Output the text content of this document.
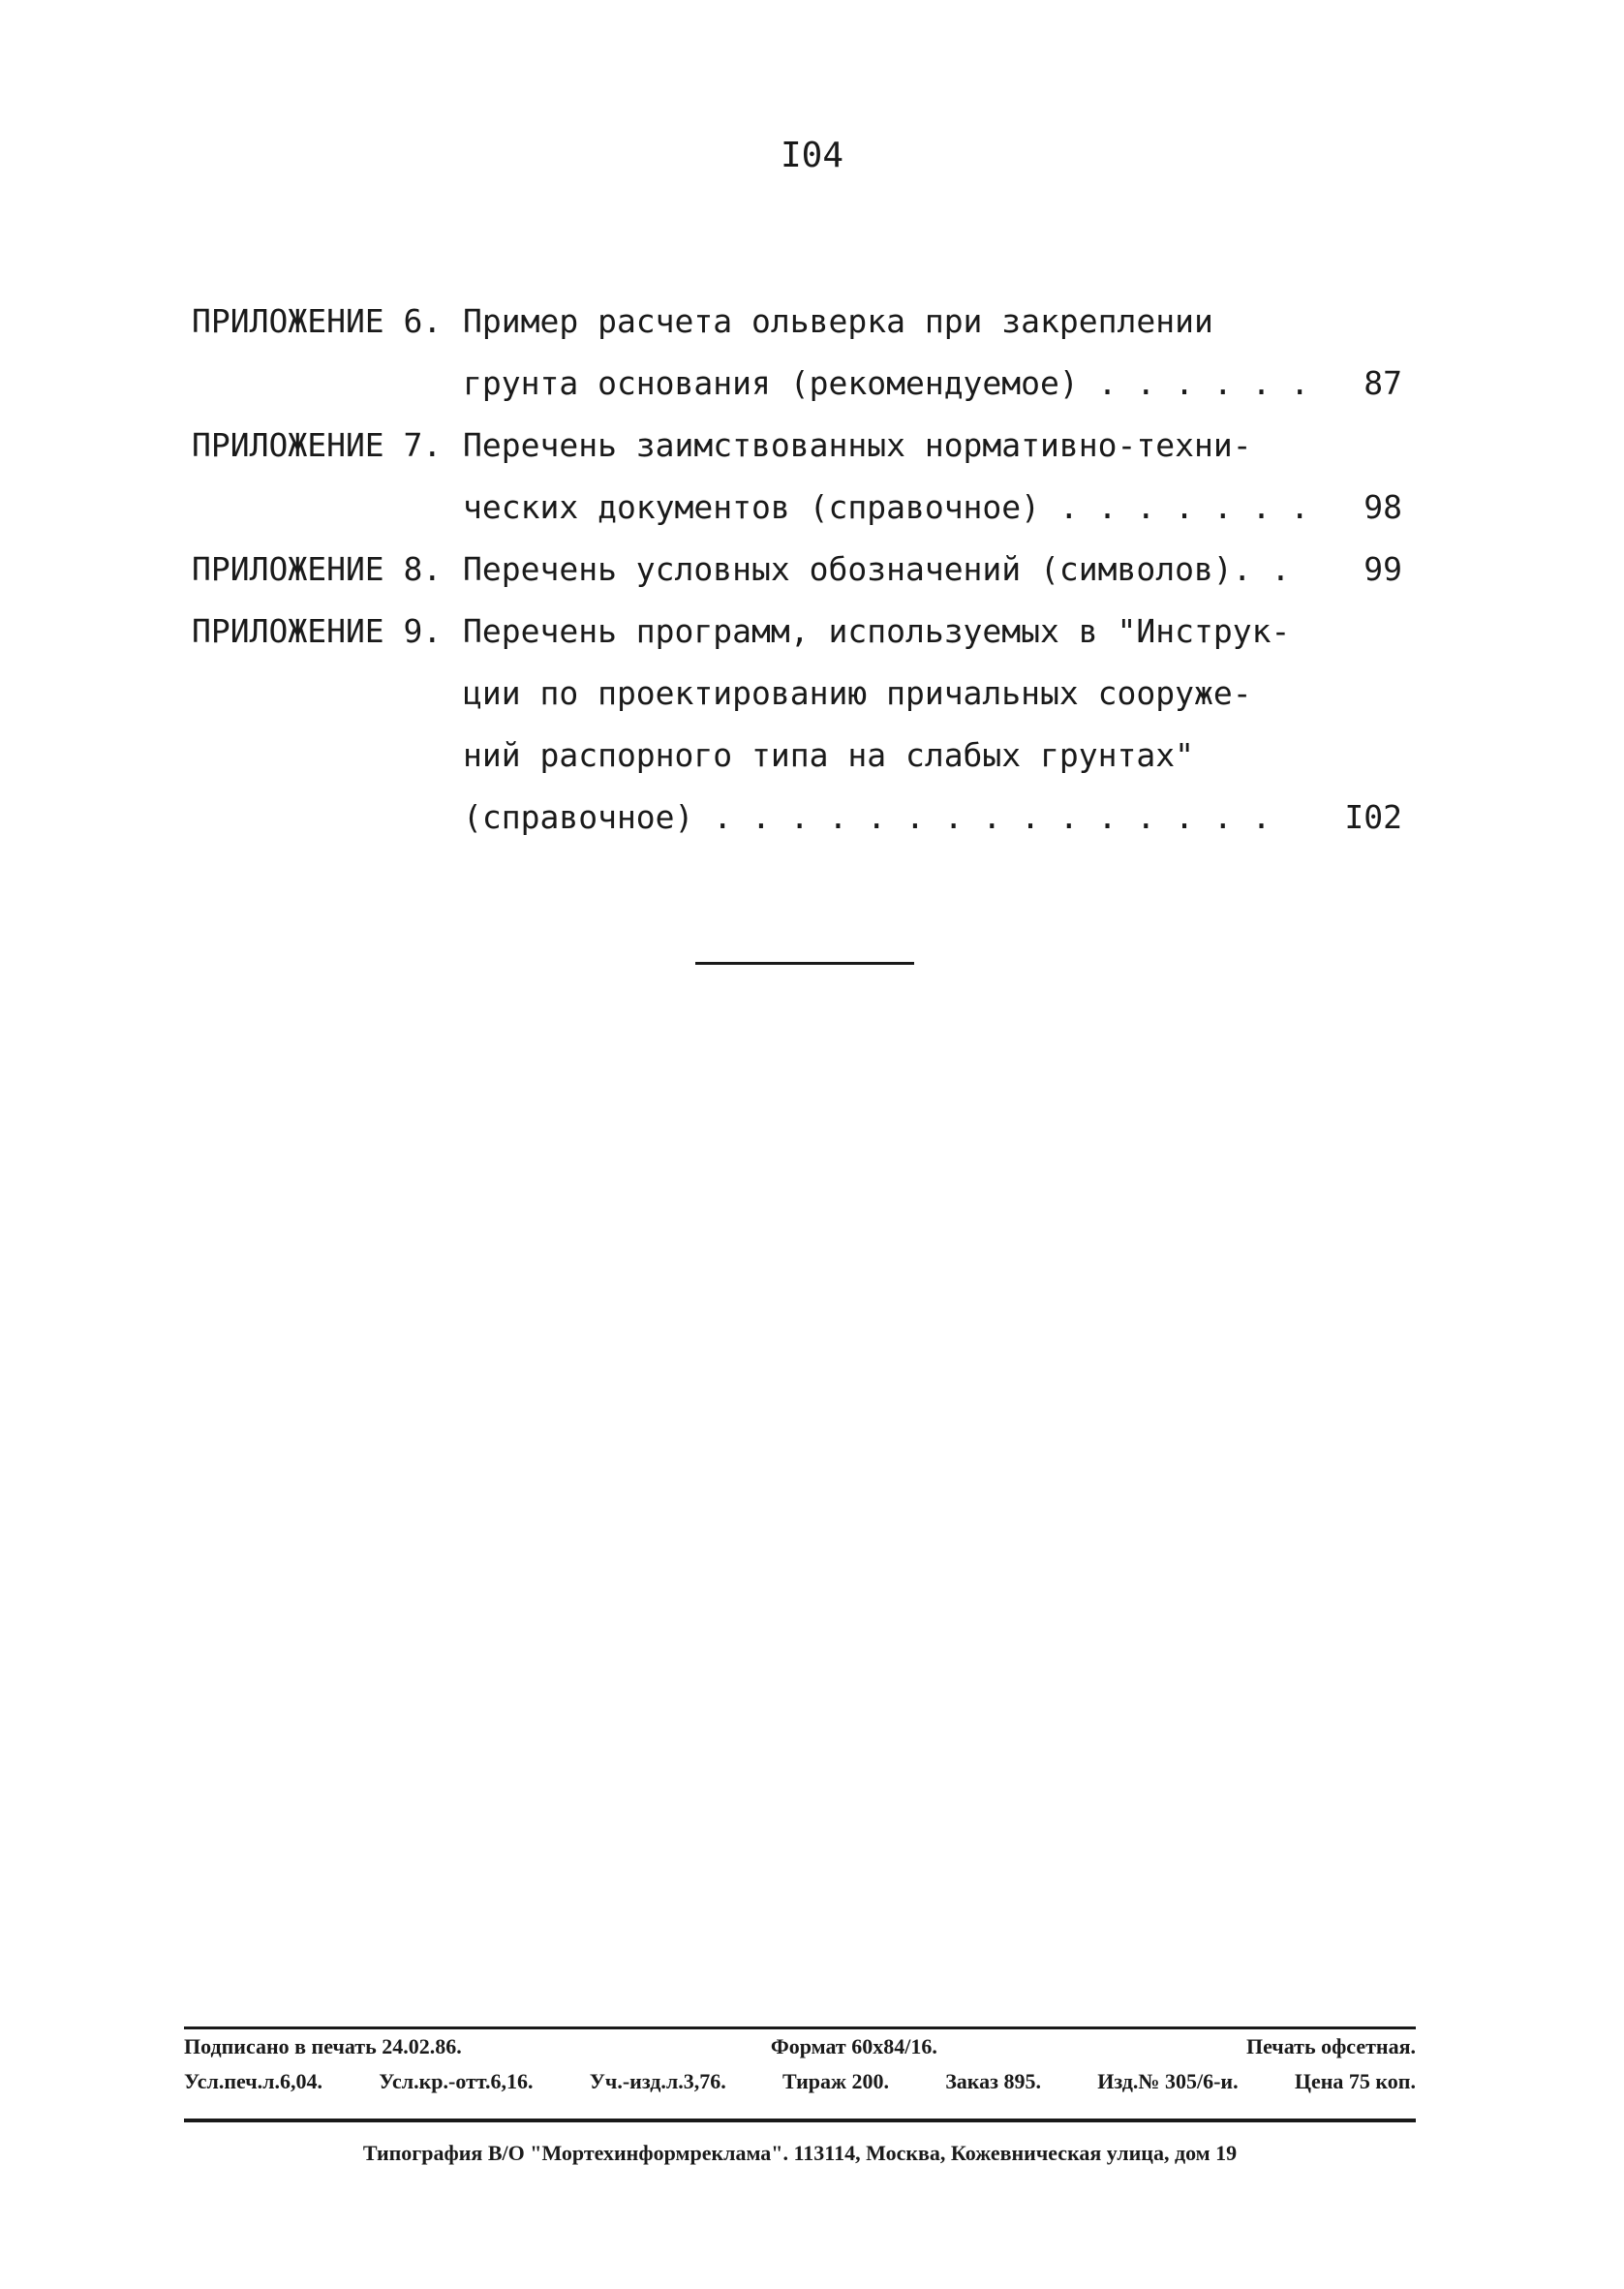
I04
ПРИЛОЖЕНИЕ 6. Пример расчета ольверка при закреплении
грунта основания (рекомендуемое) . . . . . . 87
ПРИЛОЖЕНИЕ 7. Перечень заимствованных нормативно-техни-
ческих документов (справочное) . . . . . . . 98
ПРИЛОЖЕНИЕ 8. Перечень условных обозначений (символов). . 99
ПРИЛОЖЕНИЕ 9. Перечень программ, используемых в "Инструк-
ции по проектированию причальных сооруже-
ний распорного типа на слабых грунтах"
(справочное) . . . . . . . . . . . . . . . I02
Подписано в печать 24.02.86.	Формат 60х84/16.	Печать офсетная.
Усл.печ.л.6,04.	Усл.кр.-отт.6,16.	Уч.-изд.л.3,76.	Тираж 200.	Заказ 895.	Изд.№ 305/6-и.	Цена 75 коп.
Типография В/О "Мортехинформреклама". 113114, Москва, Кожевническая улица, дом 19
